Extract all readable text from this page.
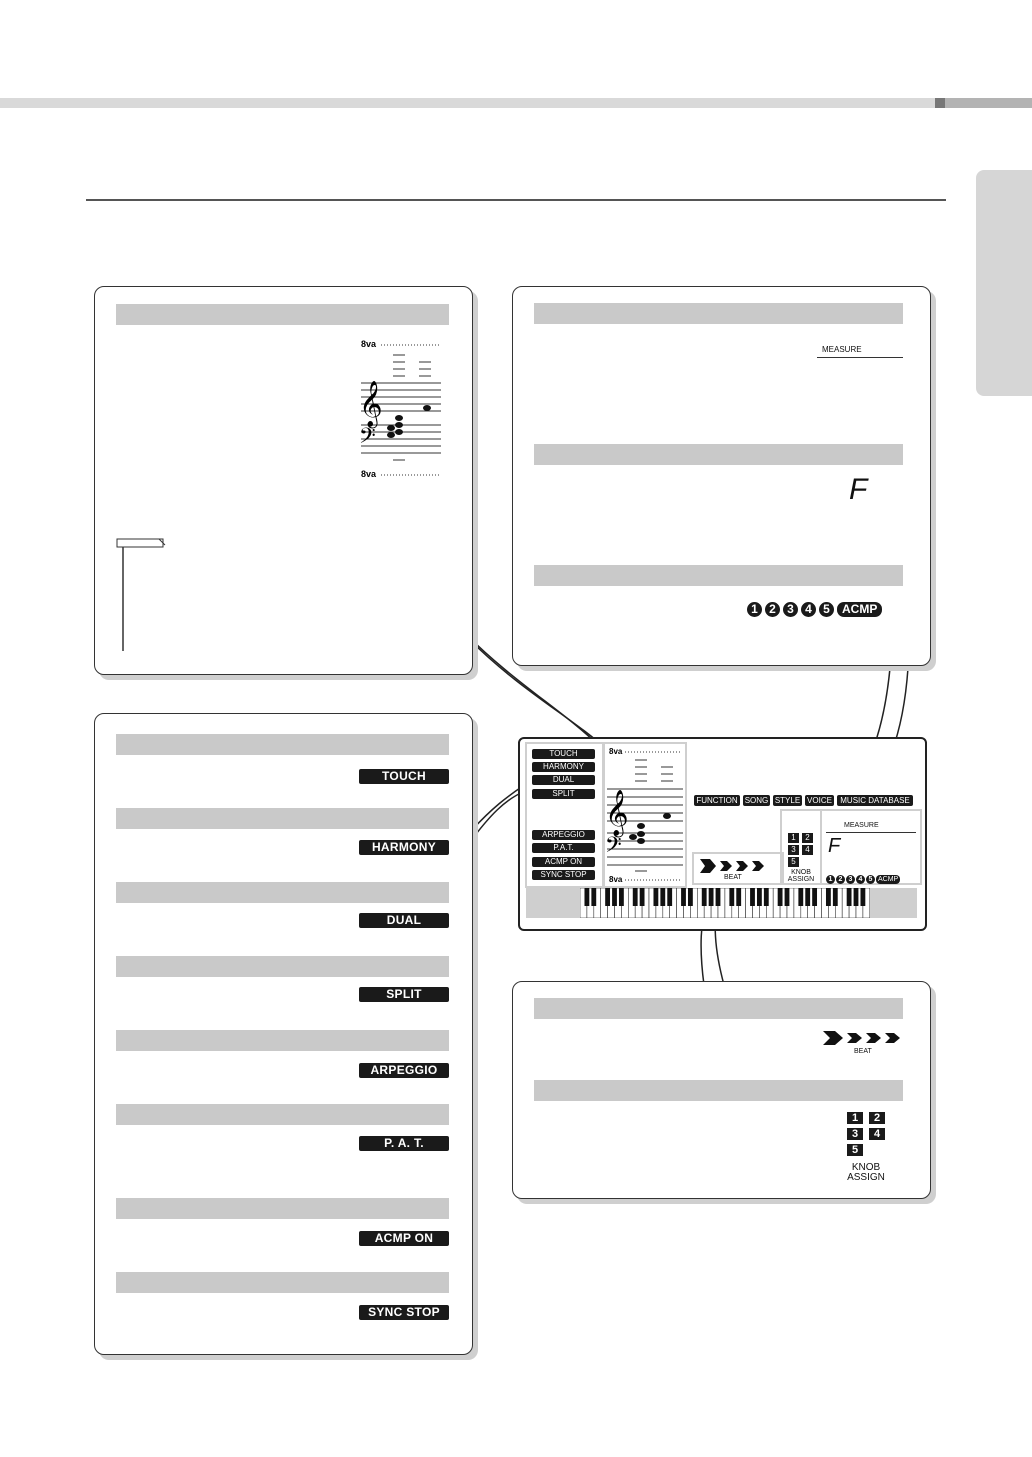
8va
𝄞
𝄢
8va
MEASURE
F
1 2 3 4 5 ACMP
TOUCH
HARMONY
DUAL
SPLIT
ARPEGGIO
P. A. T.
ACMP ON
SYNC STOP
BEAT
1	2
3	4
5
KNOB
ASSIGN
TOUCH
HARMONY
DUAL
SPLIT
ARPEGGIO
P.A.T.
ACMP ON
SYNC STOP
8va
𝄞
𝄢
8va
FUNCTION SONG STYLE VOICE	MUSIC DATABASE
BEAT
1	2
3	4
5
KNOB
ASSIGN
MEASURE
F
1 2 3 4 5 ACMP
